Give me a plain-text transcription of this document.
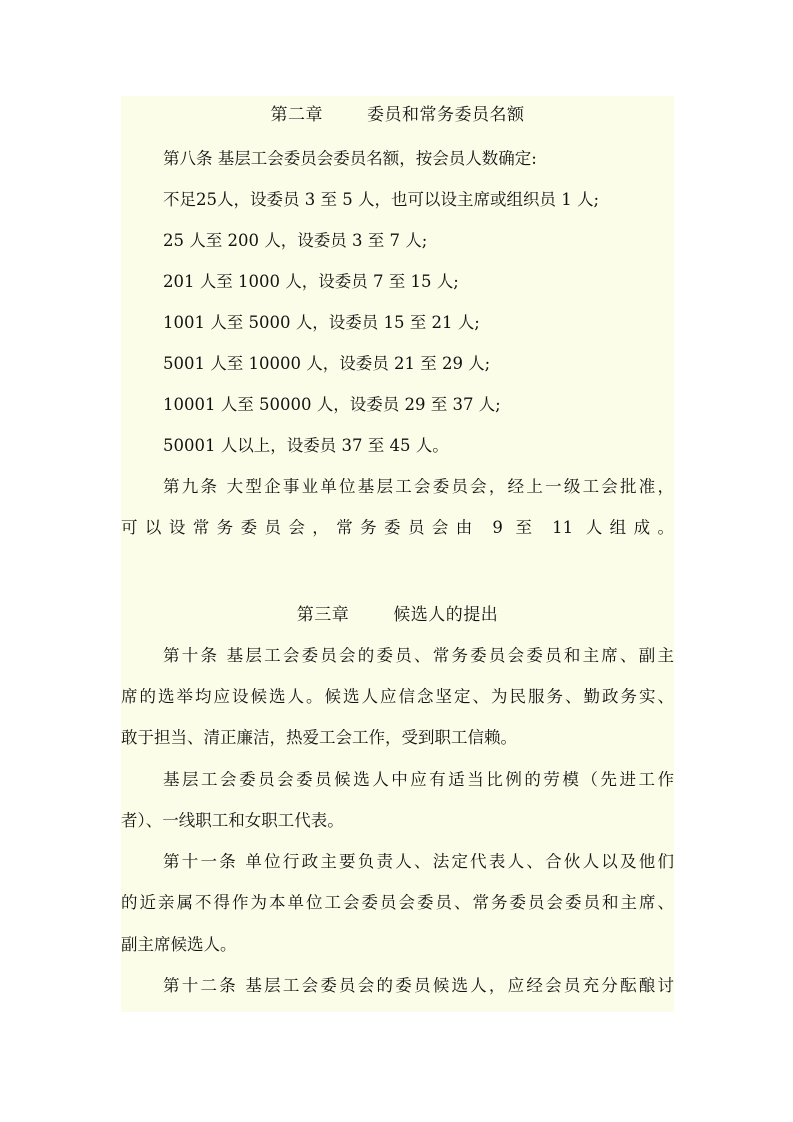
第二章	委员和常务委员名额
第八条 基层工会委员会委员名额，按会员人数确定:
不足25人，设委员 3 至 5 人，也可以设主席或组织员 1 人;
25 人至 200 人，设委员 3 至 7 人;
201 人至 1000 人，设委员 7 至 15 人;
1001 人至 5000 人，设委员 15 至 21 人;
5001 人至 10000 人，设委员 21 至 29 人;
10001 人至 50000 人，设委员 29 至 37 人;
50001 人以上，设委员 37 至 45 人。
第九条 大型企事业单位基层工会委员会，经上一级工会批准，
可以设常务委员会，常务委员会由 9 至 11 人组成。
第三章	候选人的提出
第十条 基层工会委员会的委员、常务委员会委员和主席、副主
席的选举均应设候选人。候选人应信念坚定、为民服务、勤政务实、
敢于担当、清正廉洁，热爱工会工作，受到职工信赖。
基层工会委员会委员候选人中应有适当比例的劳模（先进工作
者）、一线职工和女职工代表。
第十一条 单位行政主要负责人、法定代表人、合伙人以及他们
的近亲属不得作为本单位工会委员会委员、常务委员会委员和主席、
副主席候选人。
第十二条 基层工会委员会的委员候选人，应经会员充分酝酿讨
